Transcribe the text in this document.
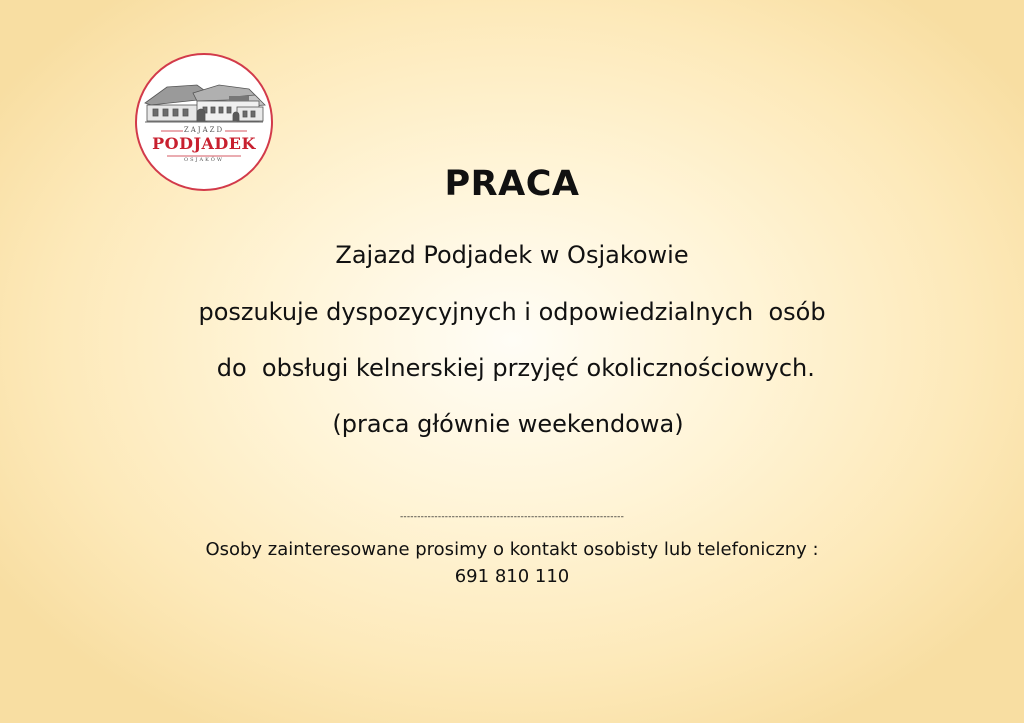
ZAJAZD
PODJADEK
OSJAKÓW
PRACA
Zajazd Podjadek w Osjakowie
poszukuje dyspozycyjnych i odpowiedzialnych  osób
do  obsługi kelnerskiej przyjęć okolicznościowych.
(praca głównie weekendowa)
-----------------------------------------------------------------
Osoby zainteresowane prosimy o kontakt osobisty lub telefoniczny :
691 810 110
